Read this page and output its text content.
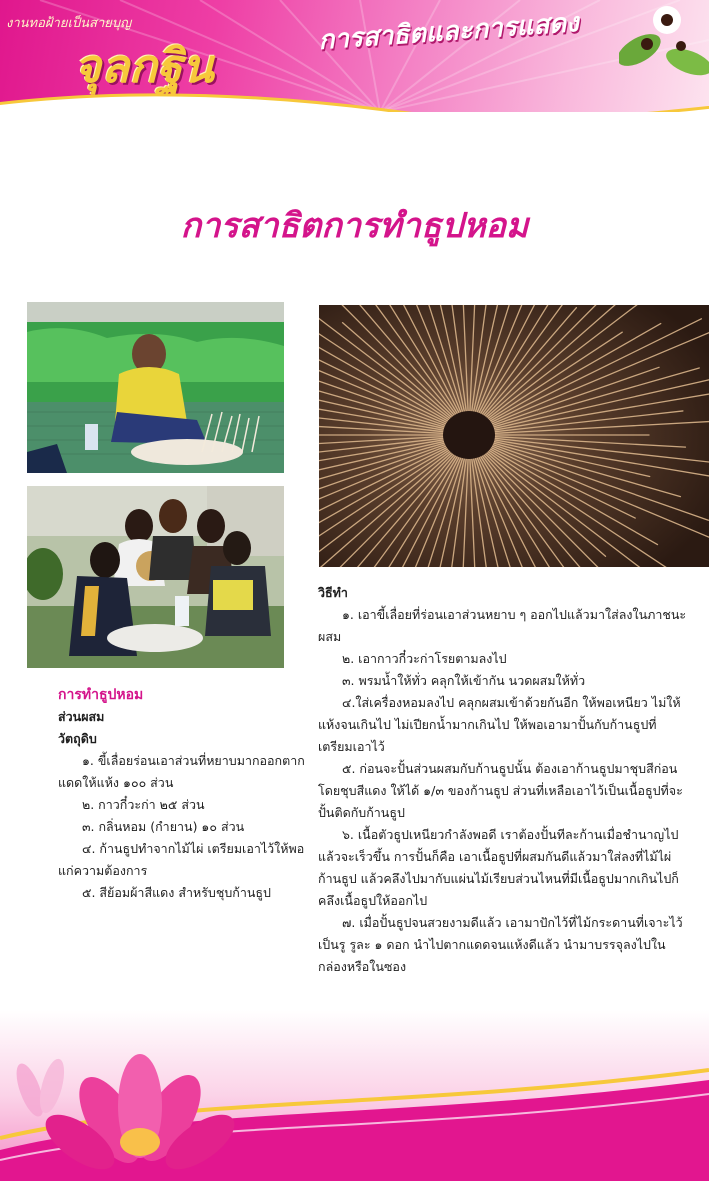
งานทอฝ้ายเป็นสายบุญ
จุลกฐิน
การสาธิตและการแสดง
การสาธิตการทำธูปหอม
การทำธูปหอม
ส่วนผสม
วัตถุดิบ
๑. ขี้เลื่อยร่อนเอาส่วนที่หยาบมากออกตากแดดให้แห้ง ๑๐๐ ส่วน
๒. กาวกี๋วะก่า ๒๕ ส่วน
๓. กลิ่นหอม (กำยาน) ๑๐ ส่วน
๔. ก้านธูปทำจากไม้ไผ่ เตรียมเอาไว้ให้พอแก่ความต้องการ
๕. สีย้อมผ้าสีแดง สำหรับชุบก้านธูป
วิธีทำ
๑. เอาขี้เลื่อยที่ร่อนเอาส่วนหยาบ ๆ ออกไปแล้วมาใส่ลงในภาชนะผสม
๒. เอากาวกี๋วะก่าโรยตามลงไป
๓. พรมน้ำให้ทั่ว คลุกให้เข้ากัน นวดผสมให้ทั่ว
๔.ใส่เครื่องหอมลงไป คลุกผสมเข้าด้วยกันอีก ให้พอเหนียว ไม่ให้แห้งจนเกินไป ไม่เปียกน้ำมากเกินไป ให้พอเอามาปั้นกับก้านธูปที่เตรียมเอาไว้
๕. ก่อนจะปั้นส่วนผสมกับก้านธูปนั้น ต้องเอาก้านธูปมาชุบสีก่อน โดยชุบสีแดง ให้ได้ ๑/๓ ของก้านธูป ส่วนที่เหลือเอาไว้เป็นเนื้อธูปที่จะปั้นติดกับก้านธูป
๖. เนื้อตัวธูปเหนียวกำลังพอดี เราต้องปั้นทีละก้านเมื่อชำนาญไปแล้วจะเร็วขึ้น การปั้นก็คือ เอาเนื้อธูปที่ผสมกันดีแล้วมาใส่ลงที่ไม้ไผ่ก้านธูป แล้วคลึงไปมากับแผ่นไม้เรียบส่วนไหนที่มีเนื้อธูปมากเกินไปก็คลึงเนื้อธูปให้ออกไป
๗. เมื่อปั้นธูปจนสวยงามดีแล้ว เอามาปักไว้ที่ไม้กระดานที่เจาะไว้เป็นรู รูละ ๑ ดอก นำไปตากแดดจนแห้งดีแล้ว นำมาบรรจุลงไปในกล่องหรือในซอง
